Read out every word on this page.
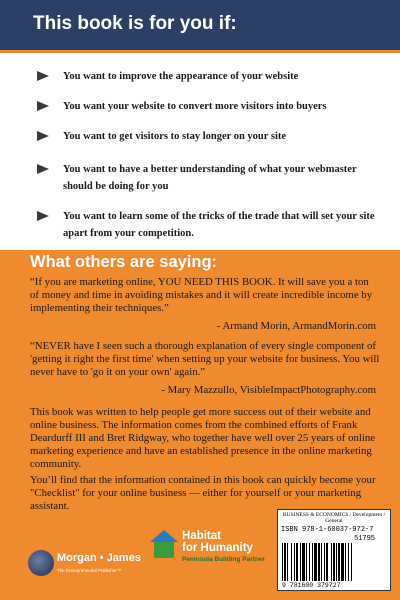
This book is for you if:
You want to improve the appearance of your website
You want your website to convert more visitors into buyers
You want to get visitors to stay longer on your site
You want to have a better understanding of what your webmaster should be doing for you
You want to learn some of the tricks of the trade that will set your site apart from your competition.
What others are saying:
“If you are marketing online, YOU NEED THIS BOOK. It will save you a ton of money and time in avoiding mistakes and it will create incredible income by implementing their techniques.”
- Armand Morin, ArmandMorin.com
“NEVER have I seen such a thorough explanation of every single component of 'getting it right the first time' when setting up your website for business. You will never have to 'go it on your own' again.”
- Mary Mazzullo, VisibleImpactPhotography.com
This book was written to help people get more success out of their website and online business. The information comes from the combined efforts of Frank Deardurff III and Bret Ridgway, who together have well over 25 years of online marketing experience and have an established presence in the online marketing community.
You’ll find that the information contained in this book can quickly become your "Checklist" for your online business — either for yourself or your marketing assistant.
Morgan • James
The Entrepreneurial Publisher™
Habitat
for Humanity
Peninsula Building Partner
BUSINESS & ECONOMICS / Development / General
ISBN 978-1-60037-972-7
51795
9 781600 379727
